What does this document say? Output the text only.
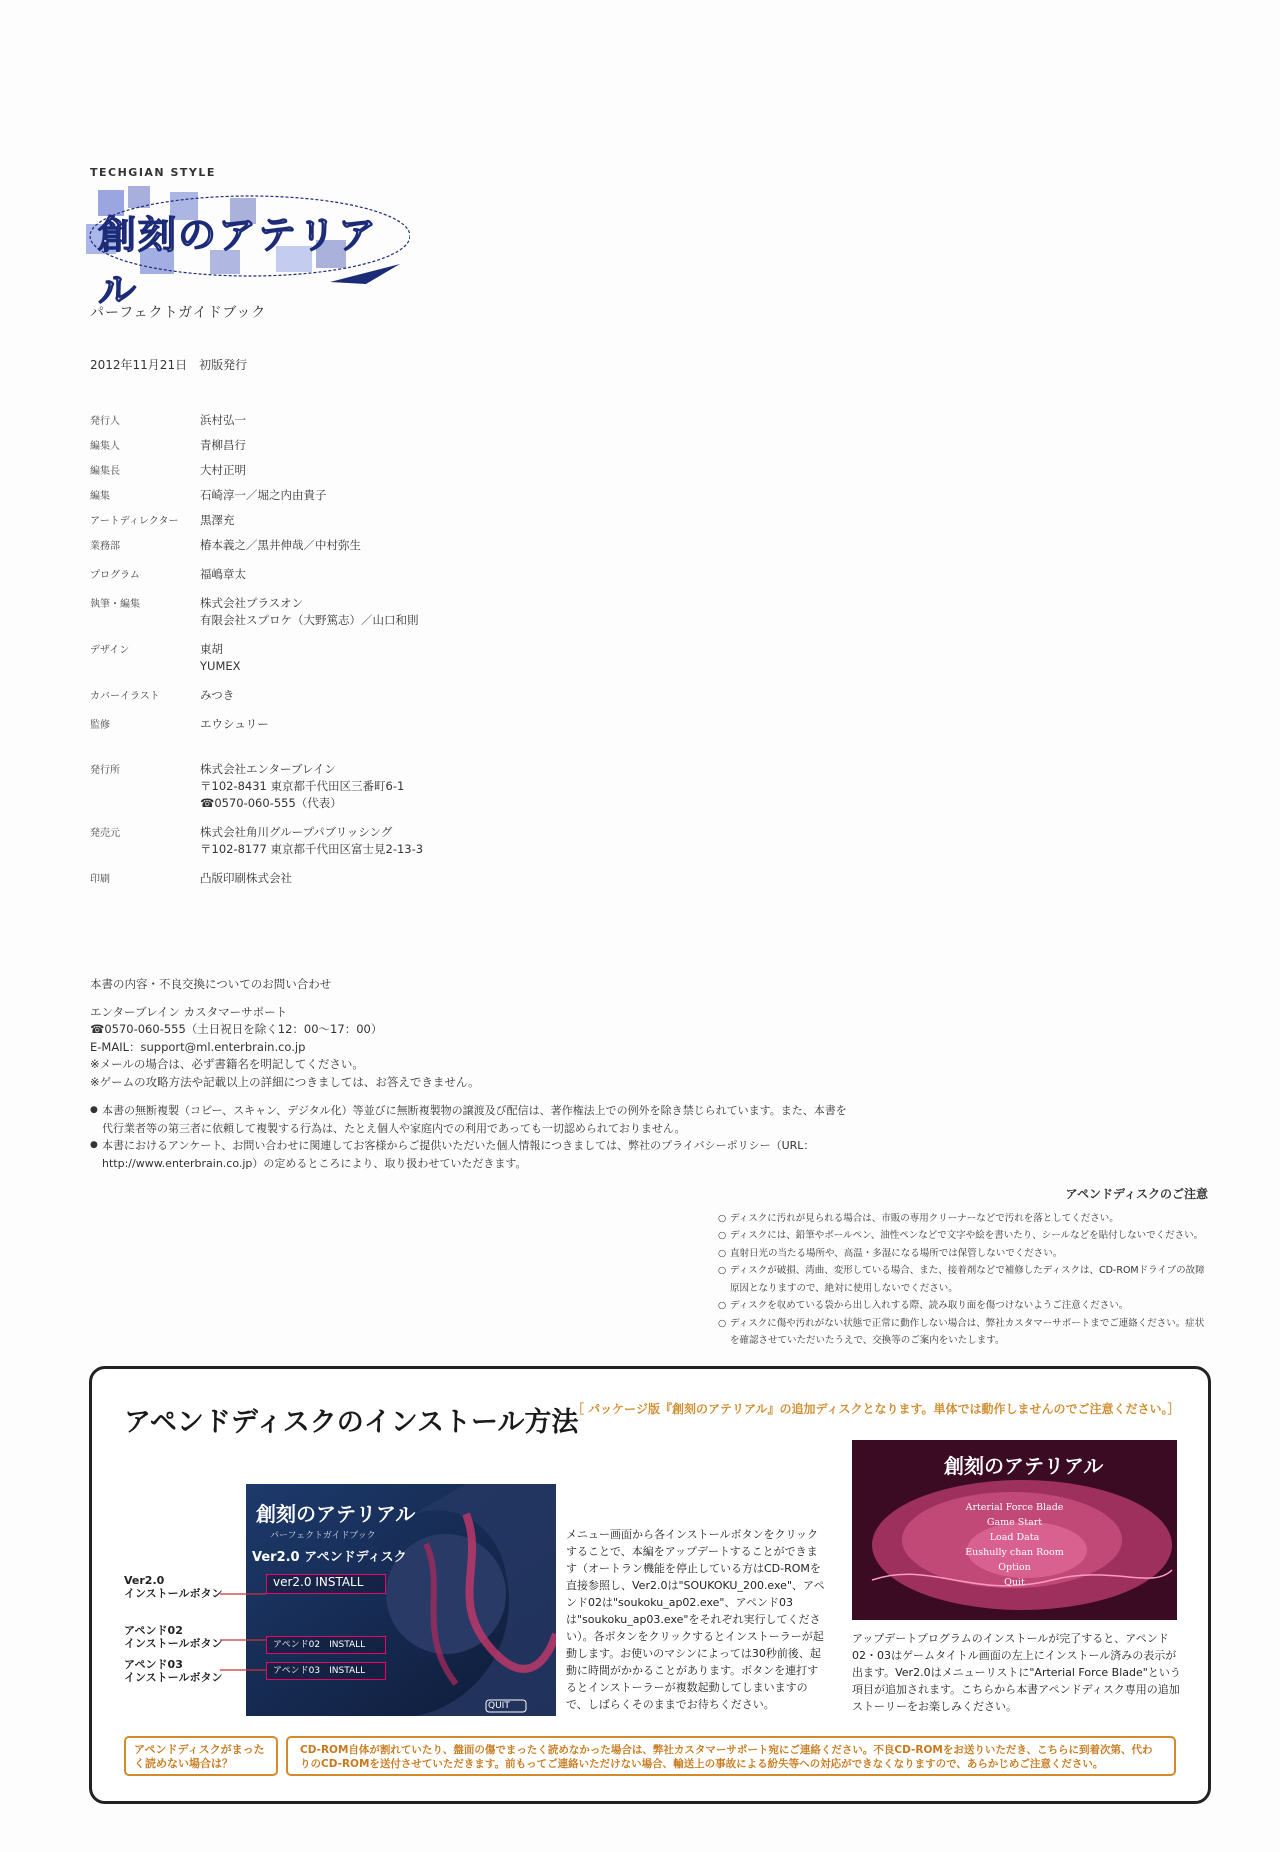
TECHGIAN STYLE
創刻のアテリアル
パーフェクトガイドブック
2012年11月21日　初版発行
発行人	浜村弘一
編集人	青柳昌行
編集長	大村正明
編集	石崎淳一／堀之内由貴子
アートディレクター	黒澤充
業務部	椿本義之／黒井伸哉／中村弥生
プログラム	福嶋章太
執筆・編集	株式会社プラスオン
有限会社スプロケ（大野篤志）／山口和則
デザイン	東胡
YUMEX
カバーイラスト	みつき
監修	エウシュリー
発行所	株式会社エンターブレイン
〒102-8431 東京都千代田区三番町6-1
☎0570-060-555（代表）
発売元	株式会社角川グループパブリッシング
〒102-8177 東京都千代田区富士見2-13-3
印刷	凸版印刷株式会社
本書の内容・不良交換についてのお問い合わせ
エンターブレイン カスタマーサポート
☎0570-060-555（土日祝日を除く12：00〜17：00）
E-MAIL：support@ml.enterbrain.co.jp
※メールの場合は、必ず書籍名を明記してください。
※ゲームの攻略方法や記載以上の詳細につきましては、お答えできません。
● 本書の無断複製（コピー、スキャン、デジタル化）等並びに無断複製物の譲渡及び配信は、著作権法上での例外を除き禁じられています。また、本書を代行業者等の第三者に依頼して複製する行為は、たとえ個人や家庭内での利用であっても一切認められておりません。
● 本書におけるアンケート、お問い合わせに関連してお客様からご提供いただいた個人情報につきましては、弊社のプライバシーポリシー（URL：http://www.enterbrain.co.jp）の定めるところにより、取り扱わせていただきます。
アペンドディスクのご注意
○ ディスクに汚れが見られる場合は、市販の専用クリーナーなどで汚れを落としてください。
○ ディスクには、鉛筆やボールペン、油性ペンなどで文字や絵を書いたり、シールなどを貼付しないでください。
○ 直射日光の当たる場所や、高温・多湿になる場所では保管しないでください。
○ ディスクが破損、湾曲、変形している場合、また、接着剤などで補修したディスクは、CD-ROMドライブの故障原因となりますので、絶対に使用しないでください。
○ ディスクを収めている袋から出し入れする際、読み取り面を傷つけないようご注意ください。
○ ディスクに傷や汚れがない状態で正常に動作しない場合は、弊社カスタマーサポートまでご連絡ください。症状を確認させていただいたうえで、交換等のご案内をいたします。
アペンドディスクのインストール方法
［ パッケージ版『創刻のアテリアル』の追加ディスクとなります。単体では動作しませんのでご注意ください。］
創刻のアテリアル
パーフェクトガイドブック
Ver2.0 アペンドディスク
ver2.0 INSTALL
アペンド02　INSTALL
アペンド03　INSTALL
QUIT
Ver2.0
インストールボタン
アペンド02
インストールボタン
アペンド03
インストールボタン
メニュー画面から各インストールボタンをクリックすることで、本編をアップデートすることができます（オートラン機能を停止している方はCD-ROMを直接参照し、Ver2.0は"SOUKOKU_200.exe"、アペンド02は"soukoku_ap02.exe"、アペンド03は"soukoku_ap03.exe"をそれぞれ実行してください）。各ボタンをクリックするとインストーラーが起動します。お使いのマシンによっては30秒前後、起動に時間がかかることがあります。ボタンを連打するとインストーラーが複数起動してしまいますので、しばらくそのままでお待ちください。
創刻のアテリアル
Arterial Force Blade
Game Start
Load Data
Eushully chan Room
Option
Quit
アップデートプログラムのインストールが完了すると、アペンド02・03はゲームタイトル画面の左上にインストール済みの表示が出ます。Ver2.0はメニューリストに"Arterial Force Blade"という項目が追加されます。こちらから本書アペンドディスク専用の追加ストーリーをお楽しみください。
アペンドディスクがまったく読めない場合は？
CD-ROM自体が割れていたり、盤面の傷でまったく読めなかった場合は、弊社カスタマーサポート宛にご連絡ください。不良CD-ROMをお送りいただき、こちらに到着次第、代わりのCD-ROMを送付させていただきます。前もってご連絡いただけない場合、輸送上の事故による紛失等への対応ができなくなりますので、あらかじめご注意ください。
